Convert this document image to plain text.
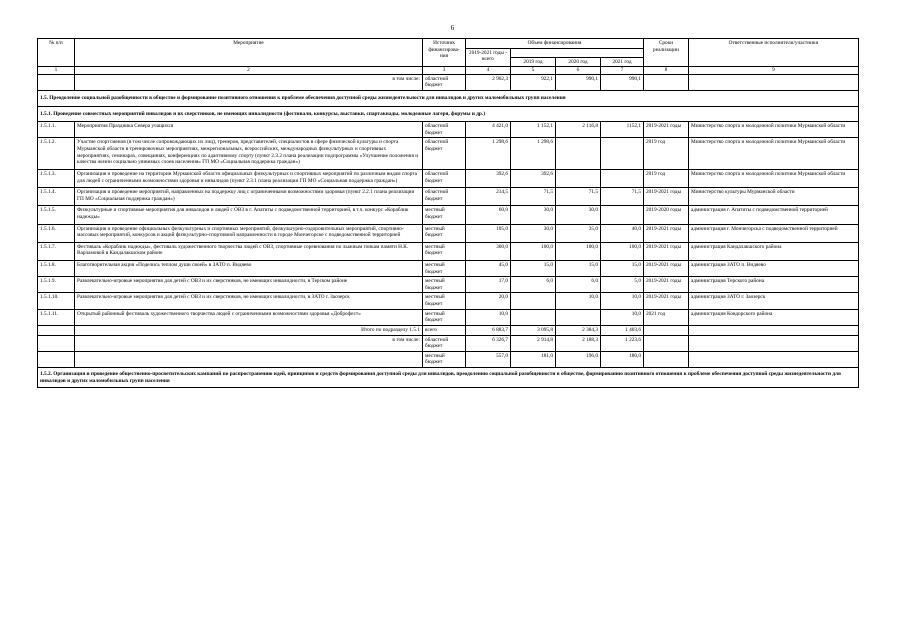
6
№ п/п	Мероприятие	Источник финансирова-ния	Объем финансирования				Сроки реализации	Ответственные исполнители/участники
			2019-2021 годы - всего					
				2019 год	2020 год	2021 год		
1	2	3	4	5	6	7	8	9
	в том числе:	областной бюджет	2 902,3	922,1	990,1	990,1		
1.5. Преодоление социальной разобщенности в обществе и формирование позитивного отношения к проблеме обеспечения доступной среды жизнедеятельности для инвалидов и других маломобильных групп населения								
1.5.1. Проведение совместных мероприятий инвалидов и их сверстников, не имеющих инвалидности (фестивали, конкурсы, выставки, спартакиады, молодежные лагеря, форумы и др.)								
1.5.1.1.	Мероприятия Праздника Севера учащихся	областной бюджет	4 421,0	1 152,1	2 116,8	1152,1	2019-2021 годы	Министерство спорта и молодежной политики Мурманской области
1.5.1.2.	Участие спортсменов (в том числе сопровождающих их лиц), тренеров, представителей, специалистов в сфере физической культуры и спорта Мурманской области в тренировочных мероприятиях, межрегиональных, всероссийских, международных физкультурных и спортивных мероприятиях, семинарах, совещаниях, конференциях по адаптивному спорту (пункт 2.3.2 плана реализации подпрограммы «Улучшение положения и качества жизни социально уязвимых слоев населения» ГП МО «Социальная поддержка граждан»)	областной бюджет	1 298,6	1 298,6			2019 год	Министерство спорта и молодежной политики Мурманской области
1.5.1.3.	Организация и проведение на территории Мурманской области официальных физкультурных и спортивных мероприятий по различным видам спорта для людей с ограниченными возможностями здоровья и инвалидов (пункт 2.3.1 плана реализации ГП МО «Социальная поддержка граждан»)	областной бюджет	392,6	392,6			2019 год	Министерство спорта и молодежной политики Мурманской области
1.5.1.4.	Организация и проведение мероприятий, направленных на поддержку лиц с ограниченными возможностями здоровья (пункт 2.2.1 плана реализации ГП МО «Социальная поддержка граждан»)	областной бюджет	214,5	71,5	71,5	71,5	2019-2021 годы	Министерство культуры Мурманской области
1.5.1.5.	Физкультурные и спортивные мероприятия для инвалидов и людей с ОВЗ в г. Апатиты с подведомственной территорией, в т.ч. конкурс «Кораблик надежды»	местный бюджет	60,0	30,0	30,0		2019-2020 годы	администрация г. Апатиты с подведомственной территорией
1.5.1.6.	Организация и проведение официальных физкультурных и спортивных мероприятий, физкультурно-оздоровительных мероприятий, спортивно-массовых мероприятий, конкурсов и акций физкультурно-спортивной направленности в городе Мончегорске с подведомственной территорией	местный бюджет	105,0	30,0	35,0	40,0	2019-2021 годы	администрация г. Мончегорска с подведомственной территорией
1.5.1.7.	Фестиваль «Кораблик надежды», фестиваль художественного творчества людей с ОВЗ, спортивные соревнования по лыжным гонкам памяти Н.К. Варламовой в Кандалакшском районе	местный бюджет	300,0	100,0	100,0	100,0	2019-2021 годы	администрация Кандалакшского района
1.5.1.8.	Благотворительная акция «Поделись теплом души своей» в ЗАТО п. Видяево	местный бюджет	45,0	15,0	15,0	15,0	2019-2021 годы	администрация ЗАТО п. Видяево
1.5.1.9.	Развлекательно-игровые мероприятия для детей с ОВЗ и их сверстников, не имеющих инвалидности, в Терском районе	местный бюджет	17,0	6,0	6,0	5,0	2019-2021 годы	администрация Терского района
1.5.1.10.	Развлекательно-игровые мероприятия для детей с ОВЗ и их сверстников, не имеющих инвалидности, в ЗАТО г. Заозерск	местный бюджет	20,0		10,0	10,0	2019-2021 годы	администрация ЗАТО г. Заозерск
1.5.1.11.	Открытый районный фестиваль художественного творчества людей с ограниченными возможностями здоровья «Доброфест»	местный бюджет	10,0			10,0	2021 год	администрация Ковдорского района
	Итого по подразделу 1.5.1	всего	6 883,7	3 095,8	2 384,3	1 403,6		
	в том числе:	областной бюджет	6 326,7	2 914,8	2 188,3	1 223,6		
		местный бюджет	557,0	181,0	196,0	180,0		
1.5.2. Организация и проведение общественно-просветительских кампаний по распространению идей, принципов и средств формирования доступной среды для инвалидов, преодолению социальной разобщенности в обществе, формированию позитивного отношения к проблеме обеспечения доступной среды жизнедеятельности для инвалидов и других маломобильных групп населения								
